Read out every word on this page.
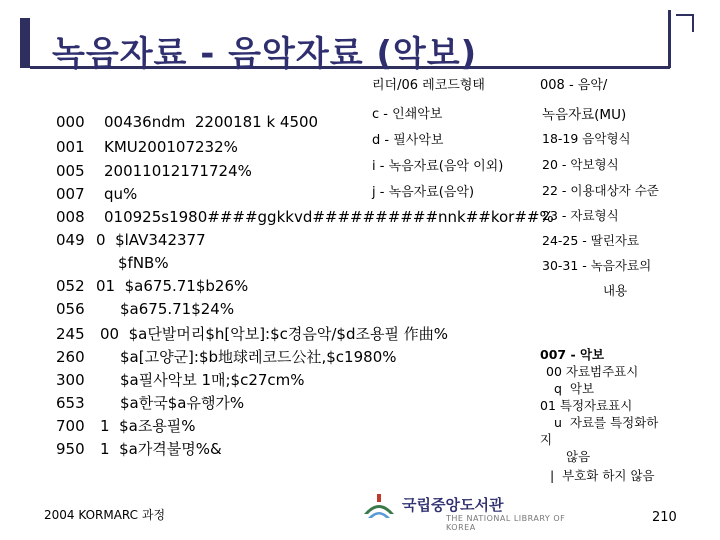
녹음자료 - 음악자료 (악보)
리더/06 레코드형태	008 - 음악/
c - 인쇄악보
d - 필사악보
i - 녹음자료(음악 이외)
j - 녹음자료(음악)
녹음자료(MU)
18-19 음악형식
20 - 악보형식
22 - 이용대상자 수준
23 - 자료형식
24-25 - 딸린자료
30-31 - 녹음자료의
내용
000 00436ndm  2200181 k 4500
001 KMU200107232%
005 20011012171724%
007 qu%
008 010925s1980####ggkkvd##########nnk##kor##%
049 0  $lAV342377
$fNB%
052 01  $a675.71$b26%
056 $a675.71$24%
245 00  $a단발머리$h[악보]:$c경음악/$d조용필 作曲%
260 $a[고양군]:$b地球레코드公社,$c1980%
300 $a필사악보 1매;$c27cm%
653 $a한국$a유행가%
700 1  $a조용필%
950 1  $a가격불명%&
007 - 악보
00 자료범주표시
q  악보
01 특정자료표시
u  자료를 특정화하
지
않음
|  부호화 하지 않음
2004 KORMARC 과정
국립중앙도서관
THE NATIONAL LIBRARY OF KOREA
210
